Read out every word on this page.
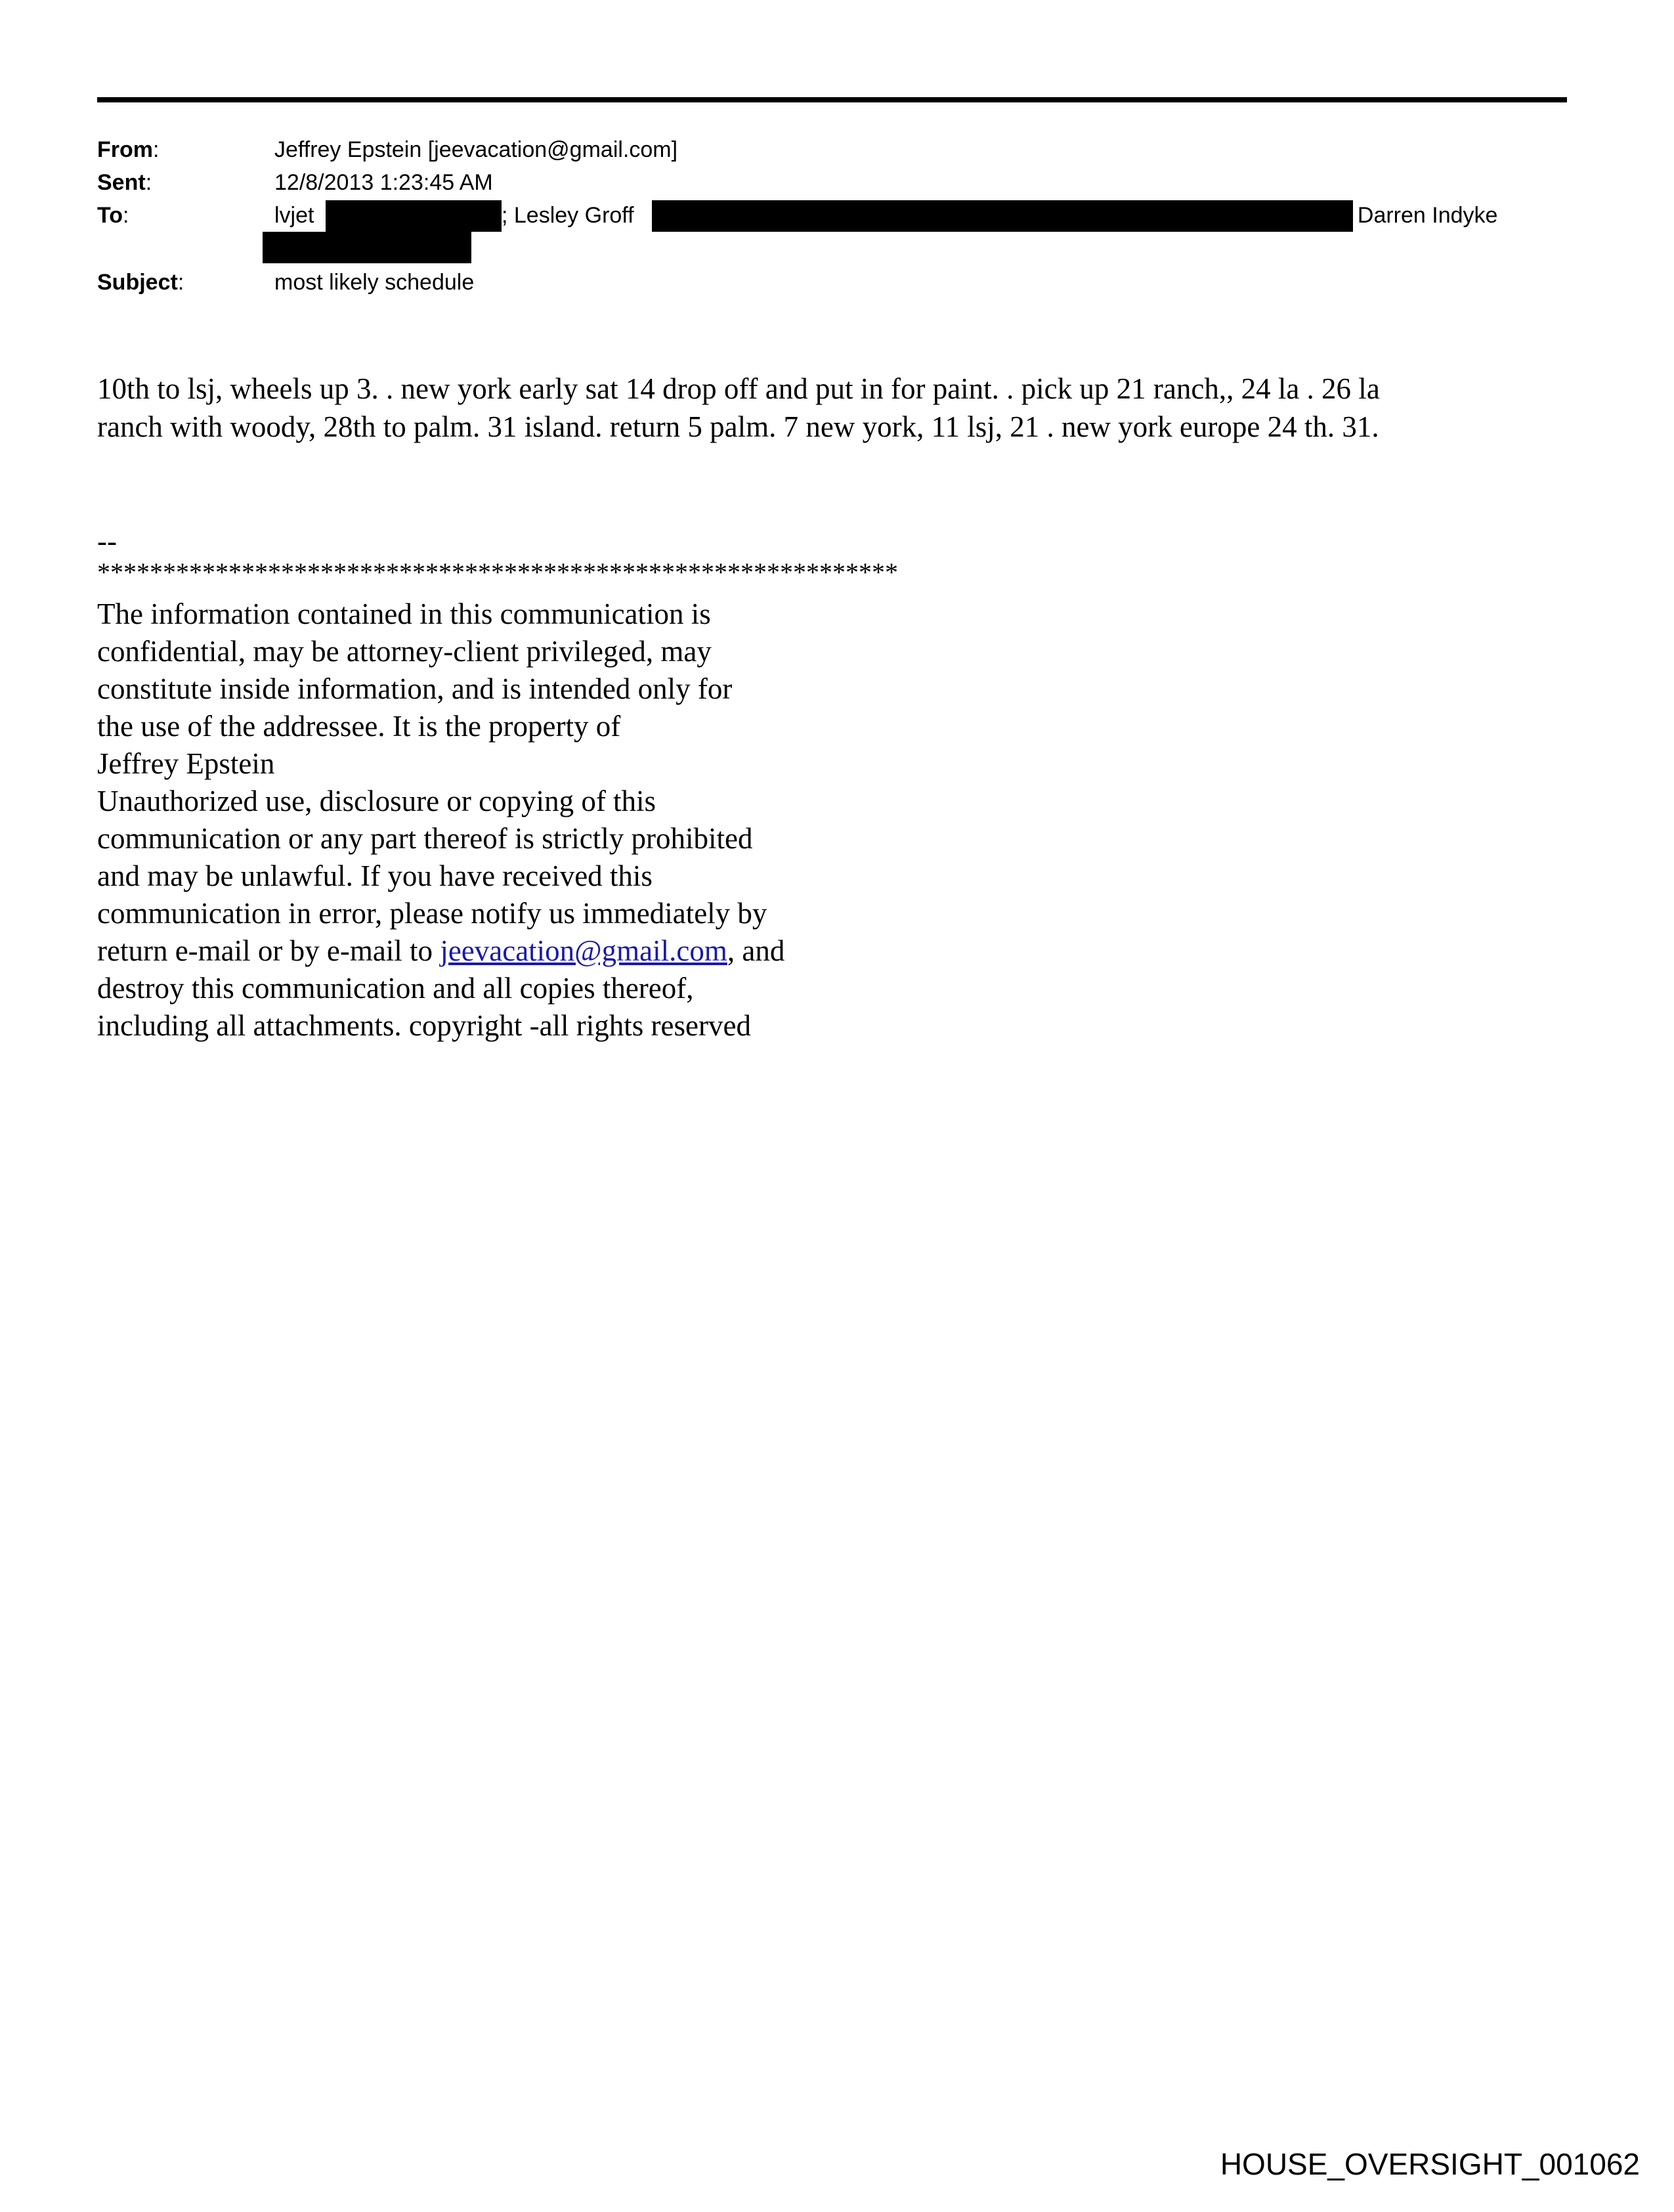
From:	Jeffrey Epstein [jeevacation@gmail.com]
Sent:	12/8/2013 1:23:45 AM
To:	lvjet	; Lesley Groff	; Darren Indyke
Subject:	most likely schedule
10th to lsj, wheels up 3. . new york early sat 14 drop off and put in for paint. . pick up 21 ranch,, 24 la . 26 la
ranch with woody, 28th to palm. 31 island. return 5 palm. 7 new york, 11 lsj, 21 . new york europe 24 th. 31.
--
*************************************************************
The information contained in this communication is
confidential, may be attorney-client privileged, may
constitute inside information, and is intended only for
the use of the addressee. It is the property of
Jeffrey Epstein
Unauthorized use, disclosure or copying of this
communication or any part thereof is strictly prohibited
and may be unlawful. If you have received this
communication in error, please notify us immediately by
return e-mail or by e-mail to jeevacation@gmail.com, and
destroy this communication and all copies thereof,
including all attachments. copyright -all rights reserved
HOUSE_OVERSIGHT_001062
